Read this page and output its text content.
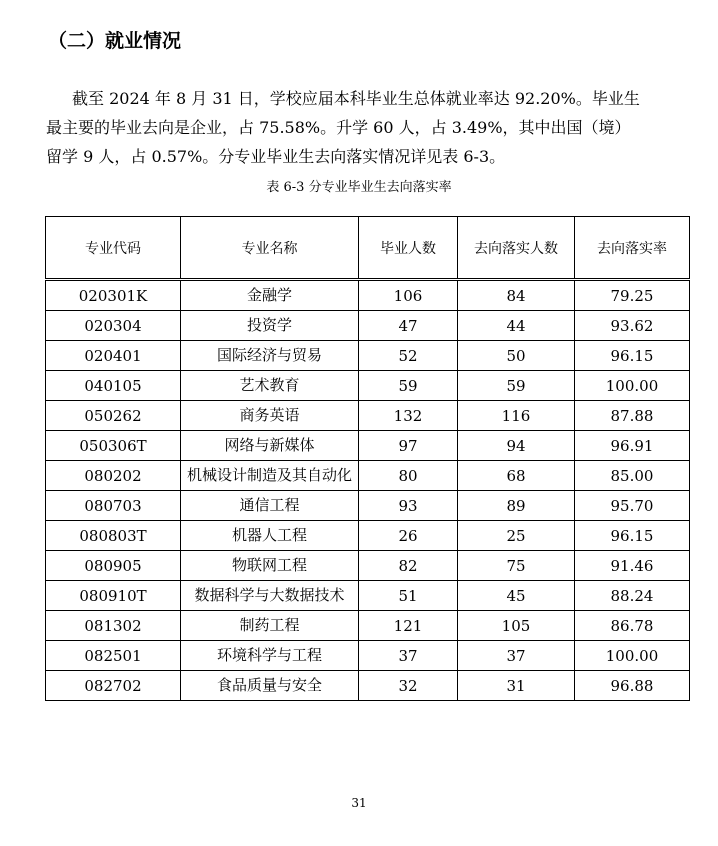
（二）就业情况

截至 2024 年 8 月 31 日，学校应届本科毕业生总体就业率达 92.20%。毕业生
最主要的毕业去向是企业，占 75.58%。升学 60 人，占 3.49%，其中出国（境）
留学 9 人，占 0.57%。分专业毕业生去向落实情况详见表 6-3。

表 6-3 分专业毕业生去向落实率

专业代码	专业名称	毕业人数	去向落实人数	去向落实率
020301K	金融学	106	84	79.25
020304	投资学	47	44	93.62
020401	国际经济与贸易	52	50	96.15
040105	艺术教育	59	59	100.00
050262	商务英语	132	116	87.88
050306T	网络与新媒体	97	94	96.91
080202	机械设计制造及其自动化	80	68	85.00
080703	通信工程	93	89	95.70
080803T	机器人工程	26	25	96.15
080905	物联网工程	82	75	91.46
080910T	数据科学与大数据技术	51	45	88.24
081302	制药工程	121	105	86.78
082501	环境科学与工程	37	37	100.00
082702	食品质量与安全	32	31	96.88

31
